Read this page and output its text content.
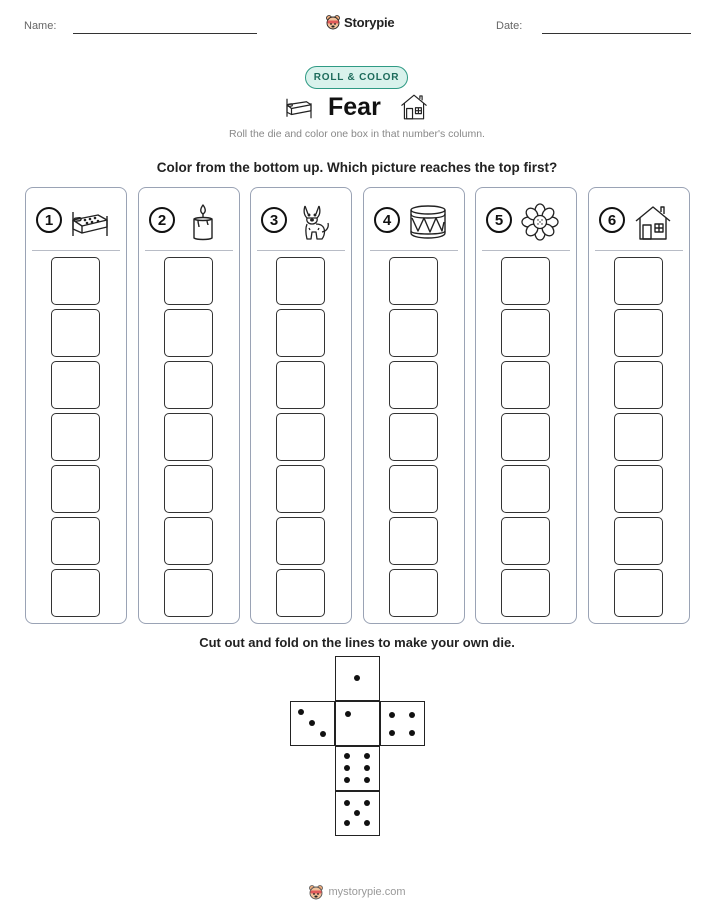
Name:	Storypie	Date:
ROLL & COLOR
Fear
Roll the die and color one box in that number's column.
Color from the bottom up. Which picture reaches the top first?
1	2	3	4	5	6
Cut out and fold on the lines to make your own die.
mystorypie.com
